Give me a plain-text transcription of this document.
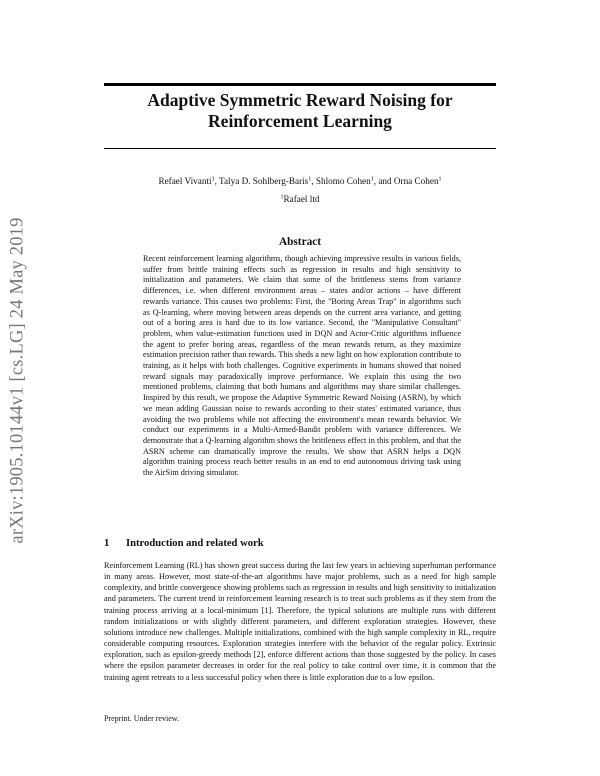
arXiv:1905.10144v1 [cs.LG] 24 May 2019
Adaptive Symmetric Reward Noising for
Reinforcement Learning
Refael Vivanti$^1$, Talya D. Sohlberg-Baris$^1$, Shlomo Cohen$^1$, and Orna Cohen$^1$
$^1$Rafael ltd
Abstract

Recent reinforcement learning algorithms, though achieving impressive results in various fields, suffer from brittle training effects such as regression in results and high sensitivity to initialization and parameters. We claim that some of the brittleness stems from variance differences, i.e. when different environment areas – states and/or actions – have different rewards variance. This causes two problems: First, the "Boring Areas Trap" in algorithms such as Q-learning, where moving between areas depends on the current area variance, and getting out of a boring area is hard due to its low variance. Second, the "Manipulative Consultant" problem, when value-estimation functions used in DQN and Actor-Critic algorithms influence the agent to prefer boring areas, regardless of the mean rewards return, as they maximize estimation precision rather than rewards. This sheds a new light on how exploration contribute to training, as it helps with both challenges. Cognitive experiments in humans showed that noised reward signals may paradoxically improve performance. We explain this using the two mentioned problems, claiming that both humans and algorithms may share similar challenges. Inspired by this result, we propose the Adaptive Symmetric Reward Noising (ASRN), by which we mean adding Gaussian noise to rewards according to their states' estimated variance, thus avoiding the two problems while not affecting the environment's mean rewards behavior. We conduct our experiments in a Multi-Armed-Bandit problem with variance differences. We demonstrate that a Q-learning algorithm shows the brittleness effect in this problem, and that the ASRN scheme can dramatically improve the results. We show that ASRN helps a DQN algorithm training process reach better results in an end to end autonomous driving task using the AirSim driving simulator.

1 Introduction and related work

Reinforcement Learning (RL) has shown great success during the last few years in achieving superhuman performance in many areas. However, most state-of-the-art algorithms have major problems, such as a need for high sample complexity, and brittle convergence showing problems such as regression in results and high sensitivity to initialization and parameters. The current trend in reinforcement learning research is to treat such problems as if they stem from the training process arriving at a local-minimum [1]. Therefore, the typical solutions are multiple runs with different random initializations or with slightly different parameters, and different exploration strategies. However, these solutions introduce new challenges. Multiple initializations, combined with the high sample complexity in RL, require considerable computing resources. Exploration strategies interfere with the behavior of the regular policy. Extrinsic exploration, such as epsilon-greedy methods [2], enforce different actions than those suggested by the policy. In cases where the epsilon parameter decreases in order for the real policy to take control over time, it is common that the training agent retreats to a less successful policy when there is little exploration due to a low epsilon.

Preprint. Under review.
